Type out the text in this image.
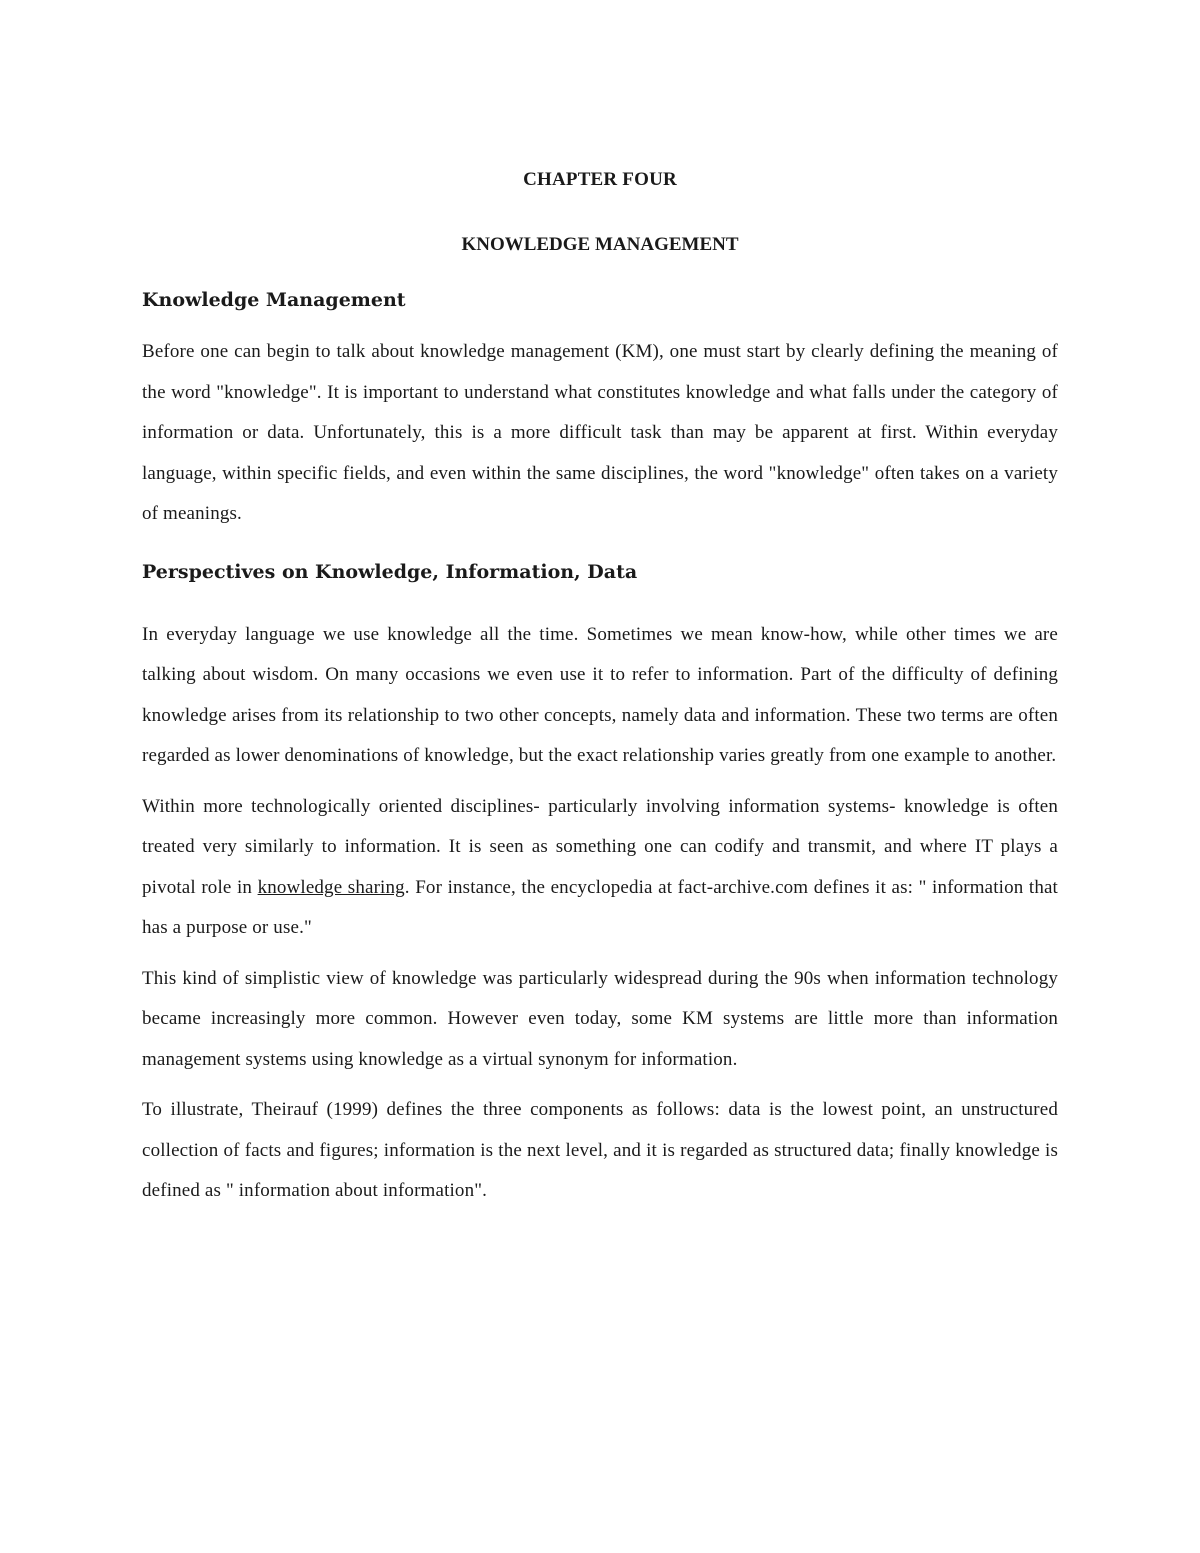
CHAPTER FOUR
KNOWLEDGE MANAGEMENT
Knowledge Management

Before one can begin to talk about knowledge management (KM), one must start by clearly defining the meaning of the word "knowledge". It is important to understand what constitutes knowledge and what falls under the category of information or data. Unfortunately, this is a more difficult task than may be apparent at first. Within everyday language, within specific fields, and even within the same disciplines, the word "knowledge" often takes on a variety of meanings.

Perspectives on Knowledge, Information, Data

In everyday language we use knowledge all the time. Sometimes we mean know-how, while other times we are talking about wisdom. On many occasions we even use it to refer to information. Part of the difficulty of defining knowledge arises from its relationship to two other concepts, namely data and information. These two terms are often regarded as lower denominations of knowledge, but the exact relationship varies greatly from one example to another.

Within more technologically oriented disciplines- particularly involving information systems- knowledge is often treated very similarly to information. It is seen as something one can codify and transmit, and where IT plays a pivotal role in knowledge sharing. For instance, the encyclopedia at fact-archive.com defines it as: " information that has a purpose or use."

This kind of simplistic view of knowledge was particularly widespread during the 90s when information technology became increasingly more common. However even today, some KM systems are little more than information management systems using knowledge as a virtual synonym for information.

To illustrate, Theirauf (1999) defines the three components as follows: data is the lowest point, an unstructured collection of facts and figures; information is the next level, and it is regarded as structured data; finally knowledge is defined as " information about information".
